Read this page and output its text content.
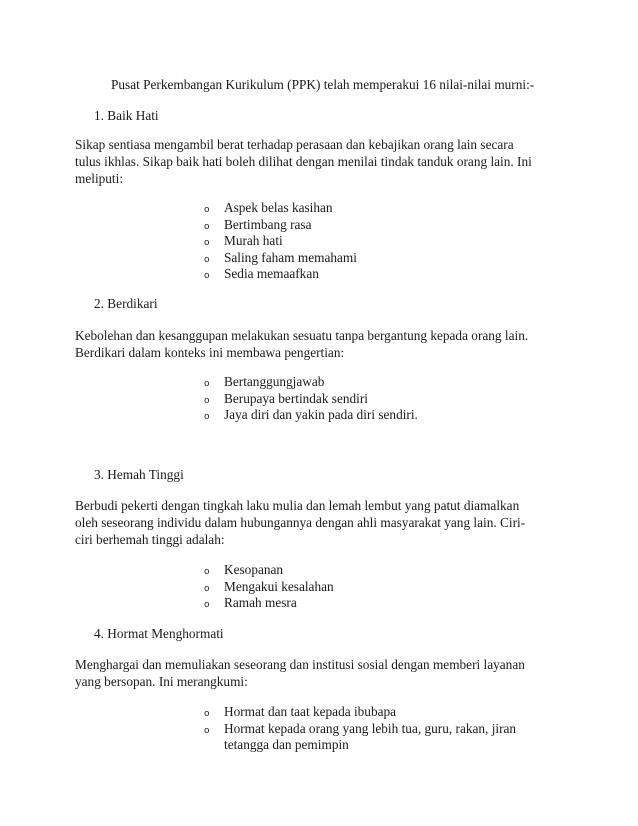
Pusat Perkembangan Kurikulum (PPK) telah memperakui 16 nilai-nilai murni:-
1. Baik Hati
Sikap sentiasa mengambil berat terhadap perasaan dan kebajikan orang lain secara
tulus ikhlas. Sikap baik hati boleh dilihat dengan menilai tindak tanduk orang lain. Ini
meliputi:
o Aspek belas kasihan
o Bertimbang rasa
o Murah hati
o Saling faham memahami
o Sedia memaafkan
2. Berdikari
Kebolehan dan kesanggupan melakukan sesuatu tanpa bergantung kepada orang lain.
Berdikari dalam konteks ini membawa pengertian:
o Bertanggungjawab
o Berupaya bertindak sendiri
o Jaya diri dan yakin pada diri sendiri.
3. Hemah Tinggi
Berbudi pekerti dengan tingkah laku mulia dan lemah lembut yang patut diamalkan
oleh seseorang individu dalam hubungannya dengan ahli masyarakat yang lain. Ciri-
ciri berhemah tinggi adalah:
o Kesopanan
o Mengakui kesalahan
o Ramah mesra
4. Hormat Menghormati
Menghargai dan memuliakan seseorang dan institusi sosial dengan memberi layanan
yang bersopan. Ini merangkumi:
o Hormat dan taat kepada ibubapa
o Hormat kepada orang yang lebih tua, guru, rakan, jiran
tetangga dan pemimpin
